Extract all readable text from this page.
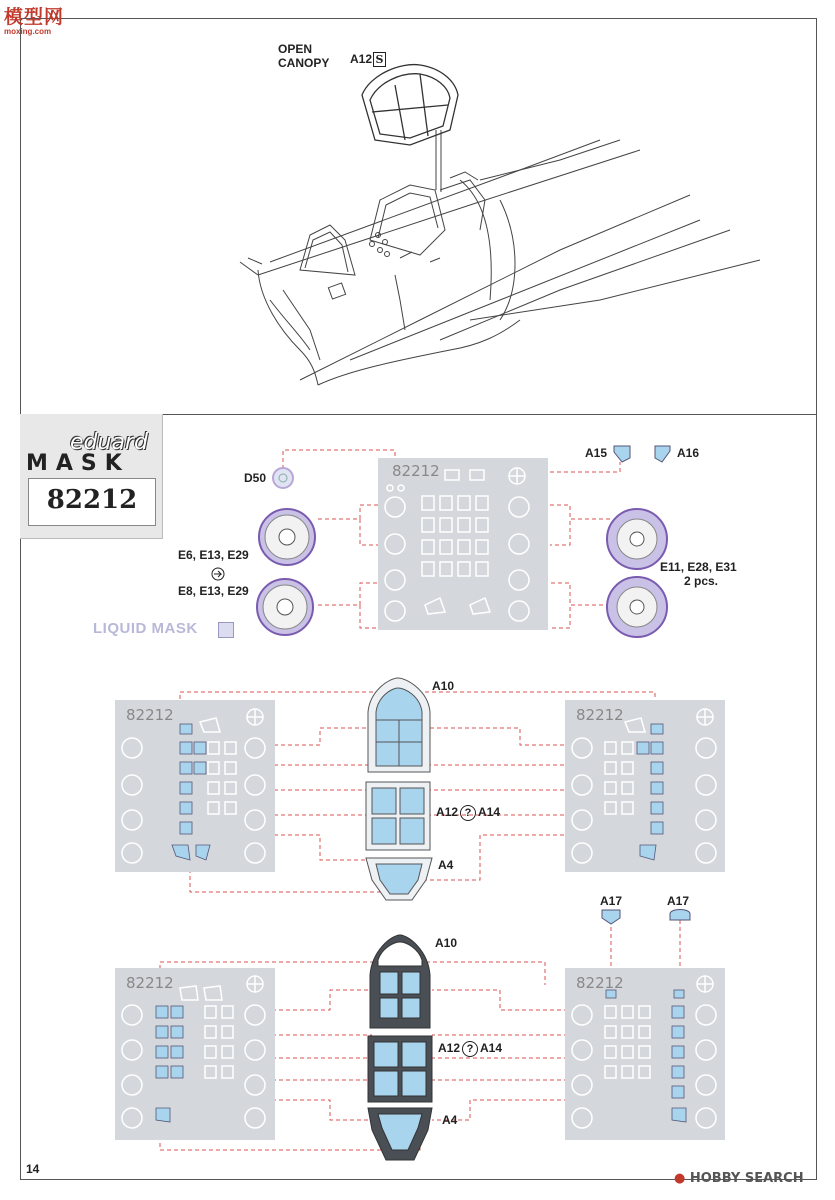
模型网
moxing.com
82212
82212	82212
82212	82212
OPEN
CANOPY A12 S
eduard
MASK
82212
D50
A15	A16
E6, E13, E29
E8, E13, E29
E11, E28, E31
2 pcs.
LIQUID MASK
A10
A12 ? A14
A4
A17	A17
A10
A12 ? A14
A4
14
● HOBBY SEARCH
